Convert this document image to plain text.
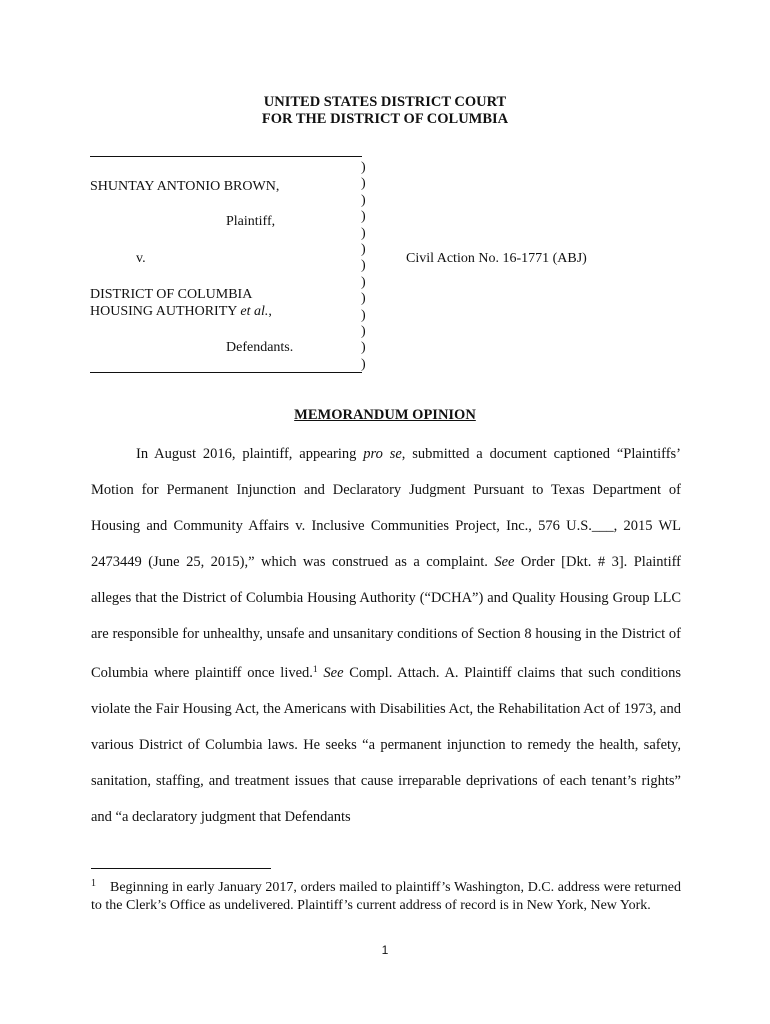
UNITED STATES DISTRICT COURT
FOR THE DISTRICT OF COLUMBIA
)
)
)
)
)
)
)
)
)
)
)
)
)
SHUNTAY ANTONIO BROWN,
Plaintiff,
v.	Civil Action No. 16-1771 (ABJ)
DISTRICT OF COLUMBIA
HOUSING AUTHORITY et al.,
Defendants.
MEMORANDUM OPINION

In August 2016, plaintiff, appearing pro se, submitted a document captioned “Plaintiffs’ Motion for Permanent Injunction and Declaratory Judgment Pursuant to Texas Department of Housing and Community Affairs v. Inclusive Communities Project, Inc., 576 U.S.___, 2015 WL 2473449 (June 25, 2015),” which was construed as a complaint. See Order [Dkt. # 3]. Plaintiff alleges that the District of Columbia Housing Authority (“DCHA”) and Quality Housing Group LLC are responsible for unhealthy, unsafe and unsanitary conditions of Section 8 housing in the District of Columbia where plaintiff once lived.$^1$ See Compl. Attach. A. Plaintiff claims that such conditions violate the Fair Housing Act, the Americans with Disabilities Act, the Rehabilitation Act of 1973, and various District of Columbia laws. He seeks “a permanent injunction to remedy the health, safety, sanitation, staffing, and treatment issues that cause irreparable deprivations of each tenant’s rights” and “a declaratory judgment that Defendants

$^1$ Beginning in early January 2017, orders mailed to plaintiff’s Washington, D.C. address were returned to the Clerk’s Office as undelivered. Plaintiff’s current address of record is in New York, New York.

1
